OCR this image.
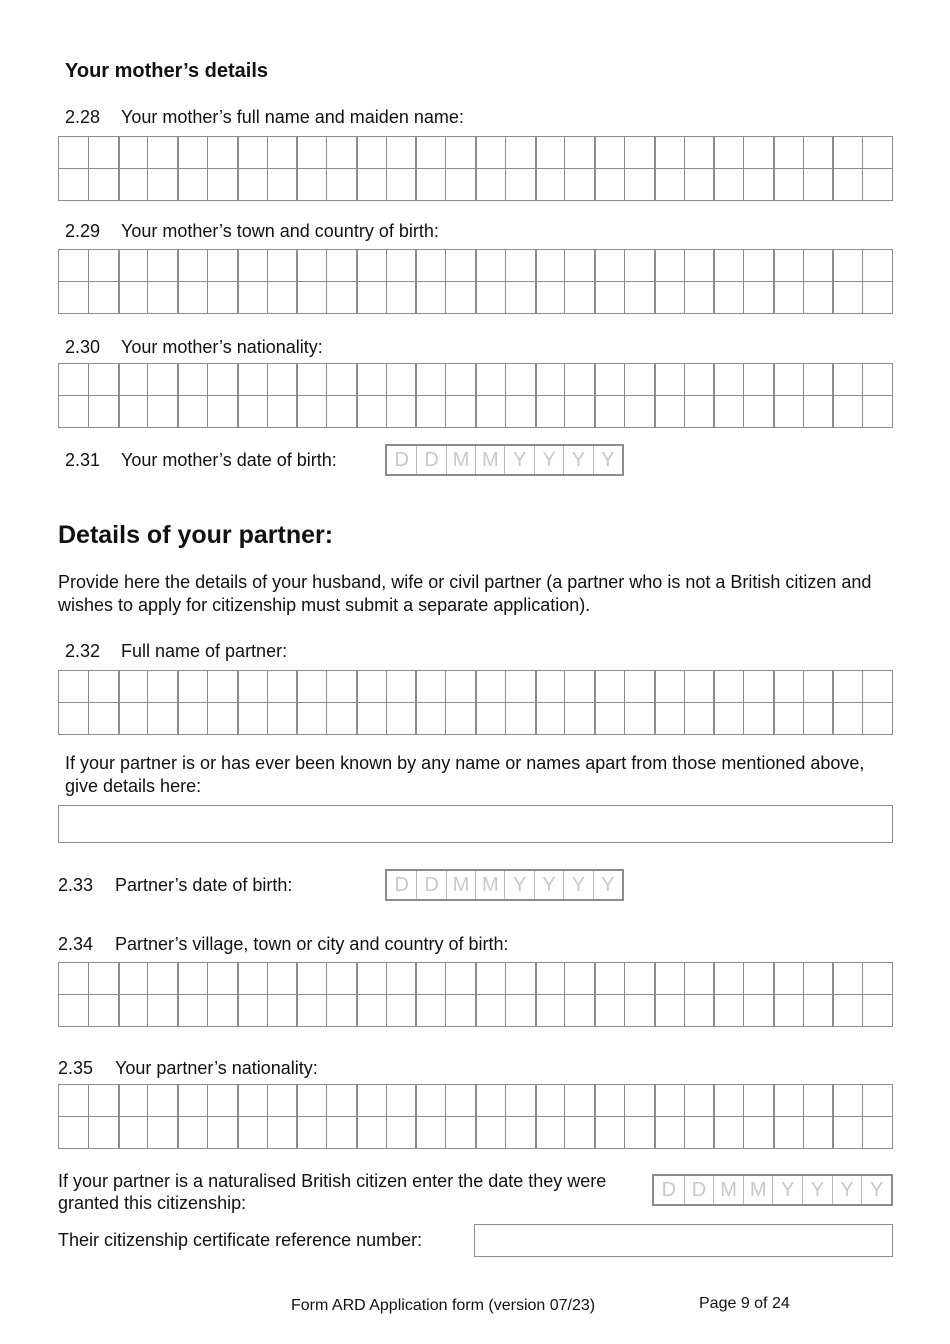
Your mother’s details
2.28 Your mother’s full name and maiden name:
2.29 Your mother’s town and country of birth:
2.30 Your mother’s nationality:
2.31 Your mother’s date of birth:	D D M M Y Y Y Y
Details of your partner:
Provide here the details of your husband, wife or civil partner (a partner who is not a British citizen and wishes to apply for citizenship must submit a separate application).
2.32 Full name of partner:
If your partner is or has ever been known by any name or names apart from those mentioned above, give details here:
2.33 Partner’s date of birth:	D D M M Y Y Y Y
2.34 Partner’s village, town or city and country of birth:
2.35 Your partner’s nationality:
If your partner is a naturalised British citizen enter the date they were granted this citizenship:
D D M M Y Y Y Y
Their citizenship certificate reference number:
Form ARD Application form (version 07/23)	Page 9 of 24
